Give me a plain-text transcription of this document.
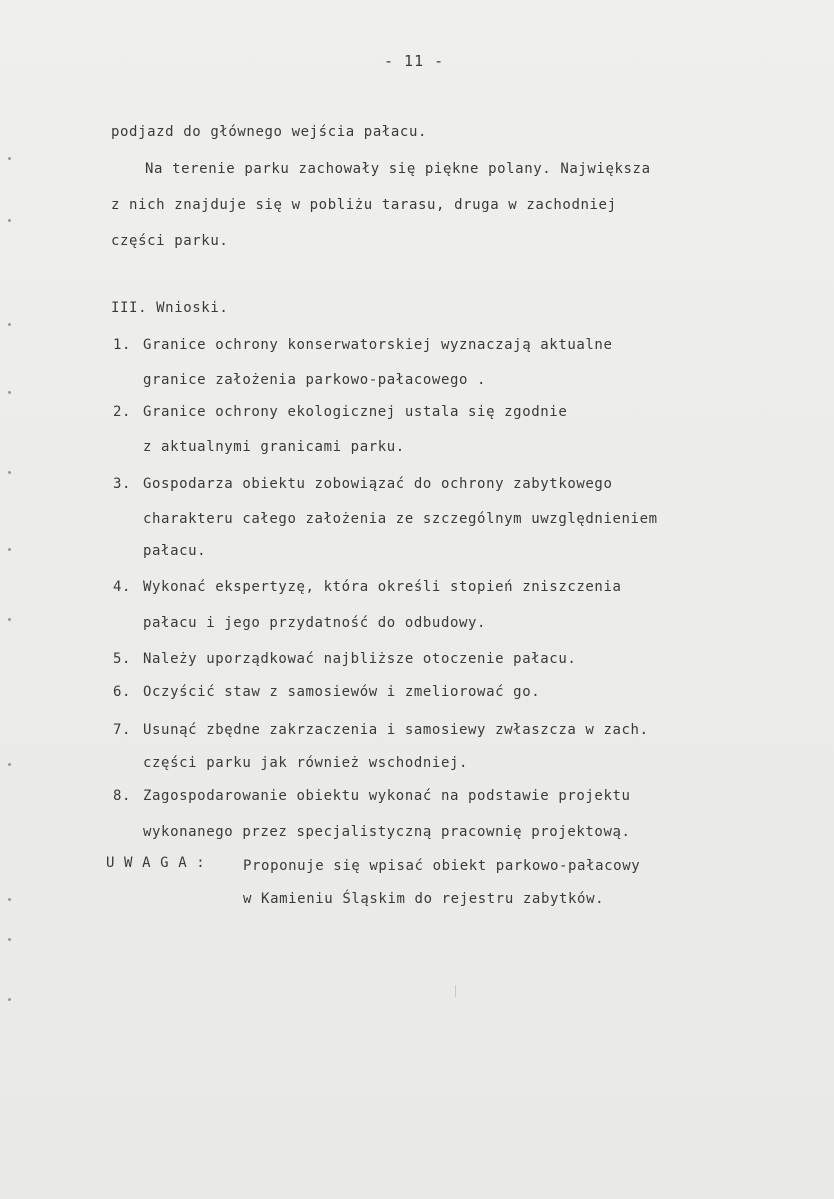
- 11 -
podjazd do głównego wejścia pałacu.
Na terenie parku zachowały się piękne polany. Największa
z nich znajduje się w pobliżu tarasu, druga w zachodniej
części parku.
III. Wnioski.
1. Granice ochrony konserwatorskiej wyznaczają aktualne
granice założenia parkowo-pałacowego .
2. Granice ochrony ekologicznej ustala się zgodnie
z aktualnymi granicami parku.
3. Gospodarza obiektu zobowiązać do ochrony zabytkowego
charakteru całego założenia ze szczególnym uwzględnieniem
pałacu.
4. Wykonać ekspertyzę, która określi stopień zniszczenia
pałacu i jego przydatność do odbudowy.
5. Należy uporządkować najbliższe otoczenie pałacu.
6. Oczyścić staw z samosiewów i zmeliorować go.
7. Usunąć zbędne zakrzaczenia i samosiewy zwłaszcza w zach.
części parku jak również wschodniej.
8. Zagospodarowanie obiektu wykonać na podstawie projektu
wykonanego przez specjalistyczną pracownię projektową.
U W A G A :	Proponuje się wpisać obiekt parkowo-pałacowy
w Kamieniu Śląskim do rejestru zabytków.
